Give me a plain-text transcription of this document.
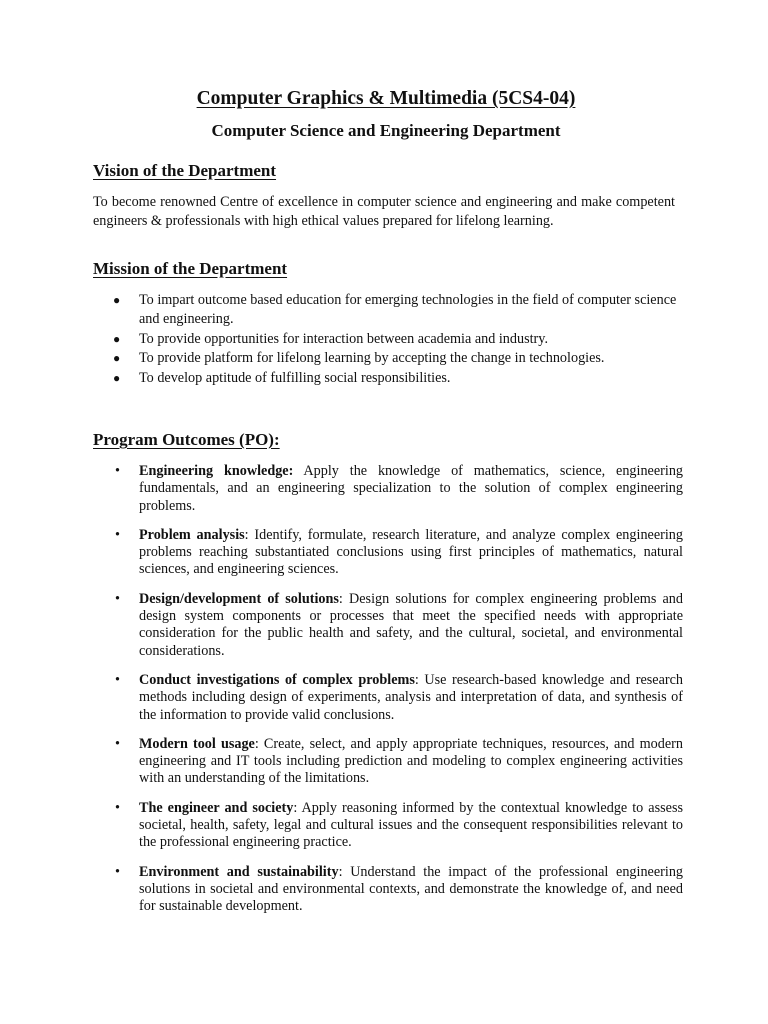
Computer Graphics & Multimedia (5CS4-04)
Computer Science and Engineering Department
Vision of the Department

To become renowned Centre of excellence in computer science and engineering and make competent engineers & professionals with high ethical values prepared for lifelong learning.

Mission of the Department
● To impart outcome based education for emerging technologies in the field of computer science and engineering.
● To provide opportunities for interaction between academia and industry.
● To provide platform for lifelong learning by accepting the change in technologies.
● To develop aptitude of fulfilling social responsibilities.
Program Outcomes (PO):
• Engineering knowledge: Apply the knowledge of mathematics, science, engineering fundamentals, and an engineering specialization to the solution of complex engineering problems.
• Problem analysis: Identify, formulate, research literature, and analyze complex engineering problems reaching substantiated conclusions using first principles of mathematics, natural sciences, and engineering sciences.
• Design/development of solutions: Design solutions for complex engineering problems and design system components or processes that meet the specified needs with appropriate consideration for the public health and safety, and the cultural, societal, and environmental considerations.
• Conduct investigations of complex problems: Use research-based knowledge and research methods including design of experiments, analysis and interpretation of data, and synthesis of the information to provide valid conclusions.
• Modern tool usage: Create, select, and apply appropriate techniques, resources, and modern engineering and IT tools including prediction and modeling to complex engineering activities with an understanding of the limitations.
• The engineer and society: Apply reasoning informed by the contextual knowledge to assess societal, health, safety, legal and cultural issues and the consequent responsibilities relevant to the professional engineering practice.
• Environment and sustainability: Understand the impact of the professional engineering solutions in societal and environmental contexts, and demonstrate the knowledge of, and need for sustainable development.
